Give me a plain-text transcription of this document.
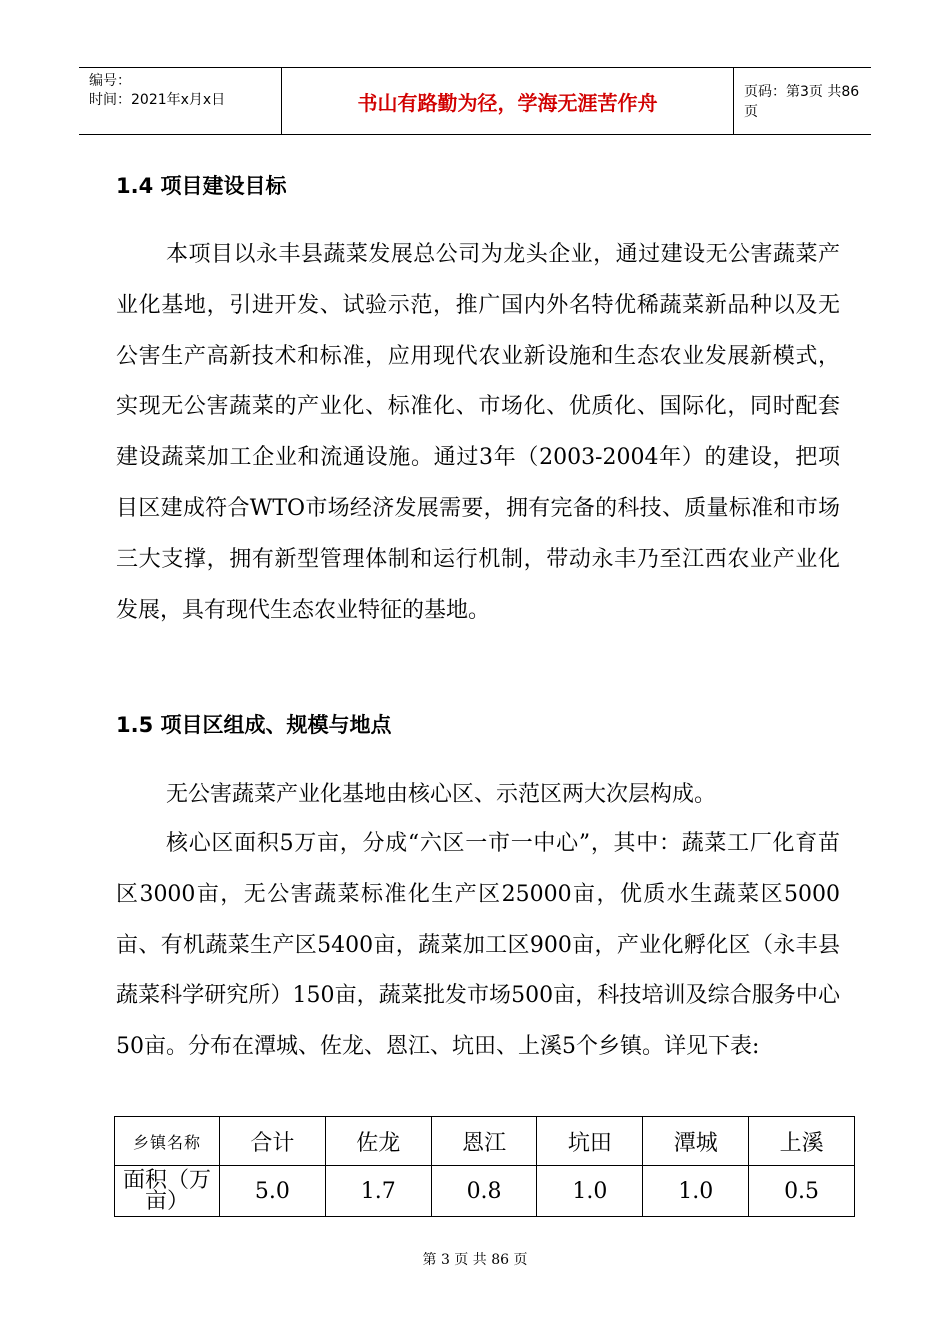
编号：
时间：2021年x月x日	书山有路勤为径，学海无涯苦作舟	页码：第3页 共86页
1.4 项目建设目标

本项目以永丰县蔬菜发展总公司为龙头企业，通过建设无公害蔬菜产业化基地，引进开发、试验示范，推广国内外名特优稀蔬菜新品种以及无公害生产高新技术和标准，应用现代农业新设施和生态农业发展新模式，实现无公害蔬菜的产业化、标准化、市场化、优质化、国际化，同时配套建设蔬菜加工企业和流通设施。通过3年（2003-2004年）的建设，把项目区建成符合WTO市场经济发展需要，拥有完备的科技、质量标准和市场三大支撑，拥有新型管理体制和运行机制，带动永丰乃至江西农业产业化发展，具有现代生态农业特征的基地。

1.5 项目区组成、规模与地点

无公害蔬菜产业化基地由核心区、示范区两大次层构成。

核心区面积5万亩，分成“六区一市一中心”，其中：蔬菜工厂化育苗区3000亩，无公害蔬菜标准化生产区25000亩，优质水生蔬菜区5000亩、有机蔬菜生产区5400亩，蔬菜加工区900亩，产业化孵化区（永丰县蔬菜科学研究所）150亩，蔬菜批发市场500亩，科技培训及综合服务中心50亩。分布在潭城、佐龙、恩江、坑田、上溪5个乡镇。详见下表:

乡镇名称	合计	佐龙	恩江	坑田	潭城	上溪
面积（万亩）	5.0	1.7	0.8	1.0	1.0	0.5
第 3 页 共 86 页
